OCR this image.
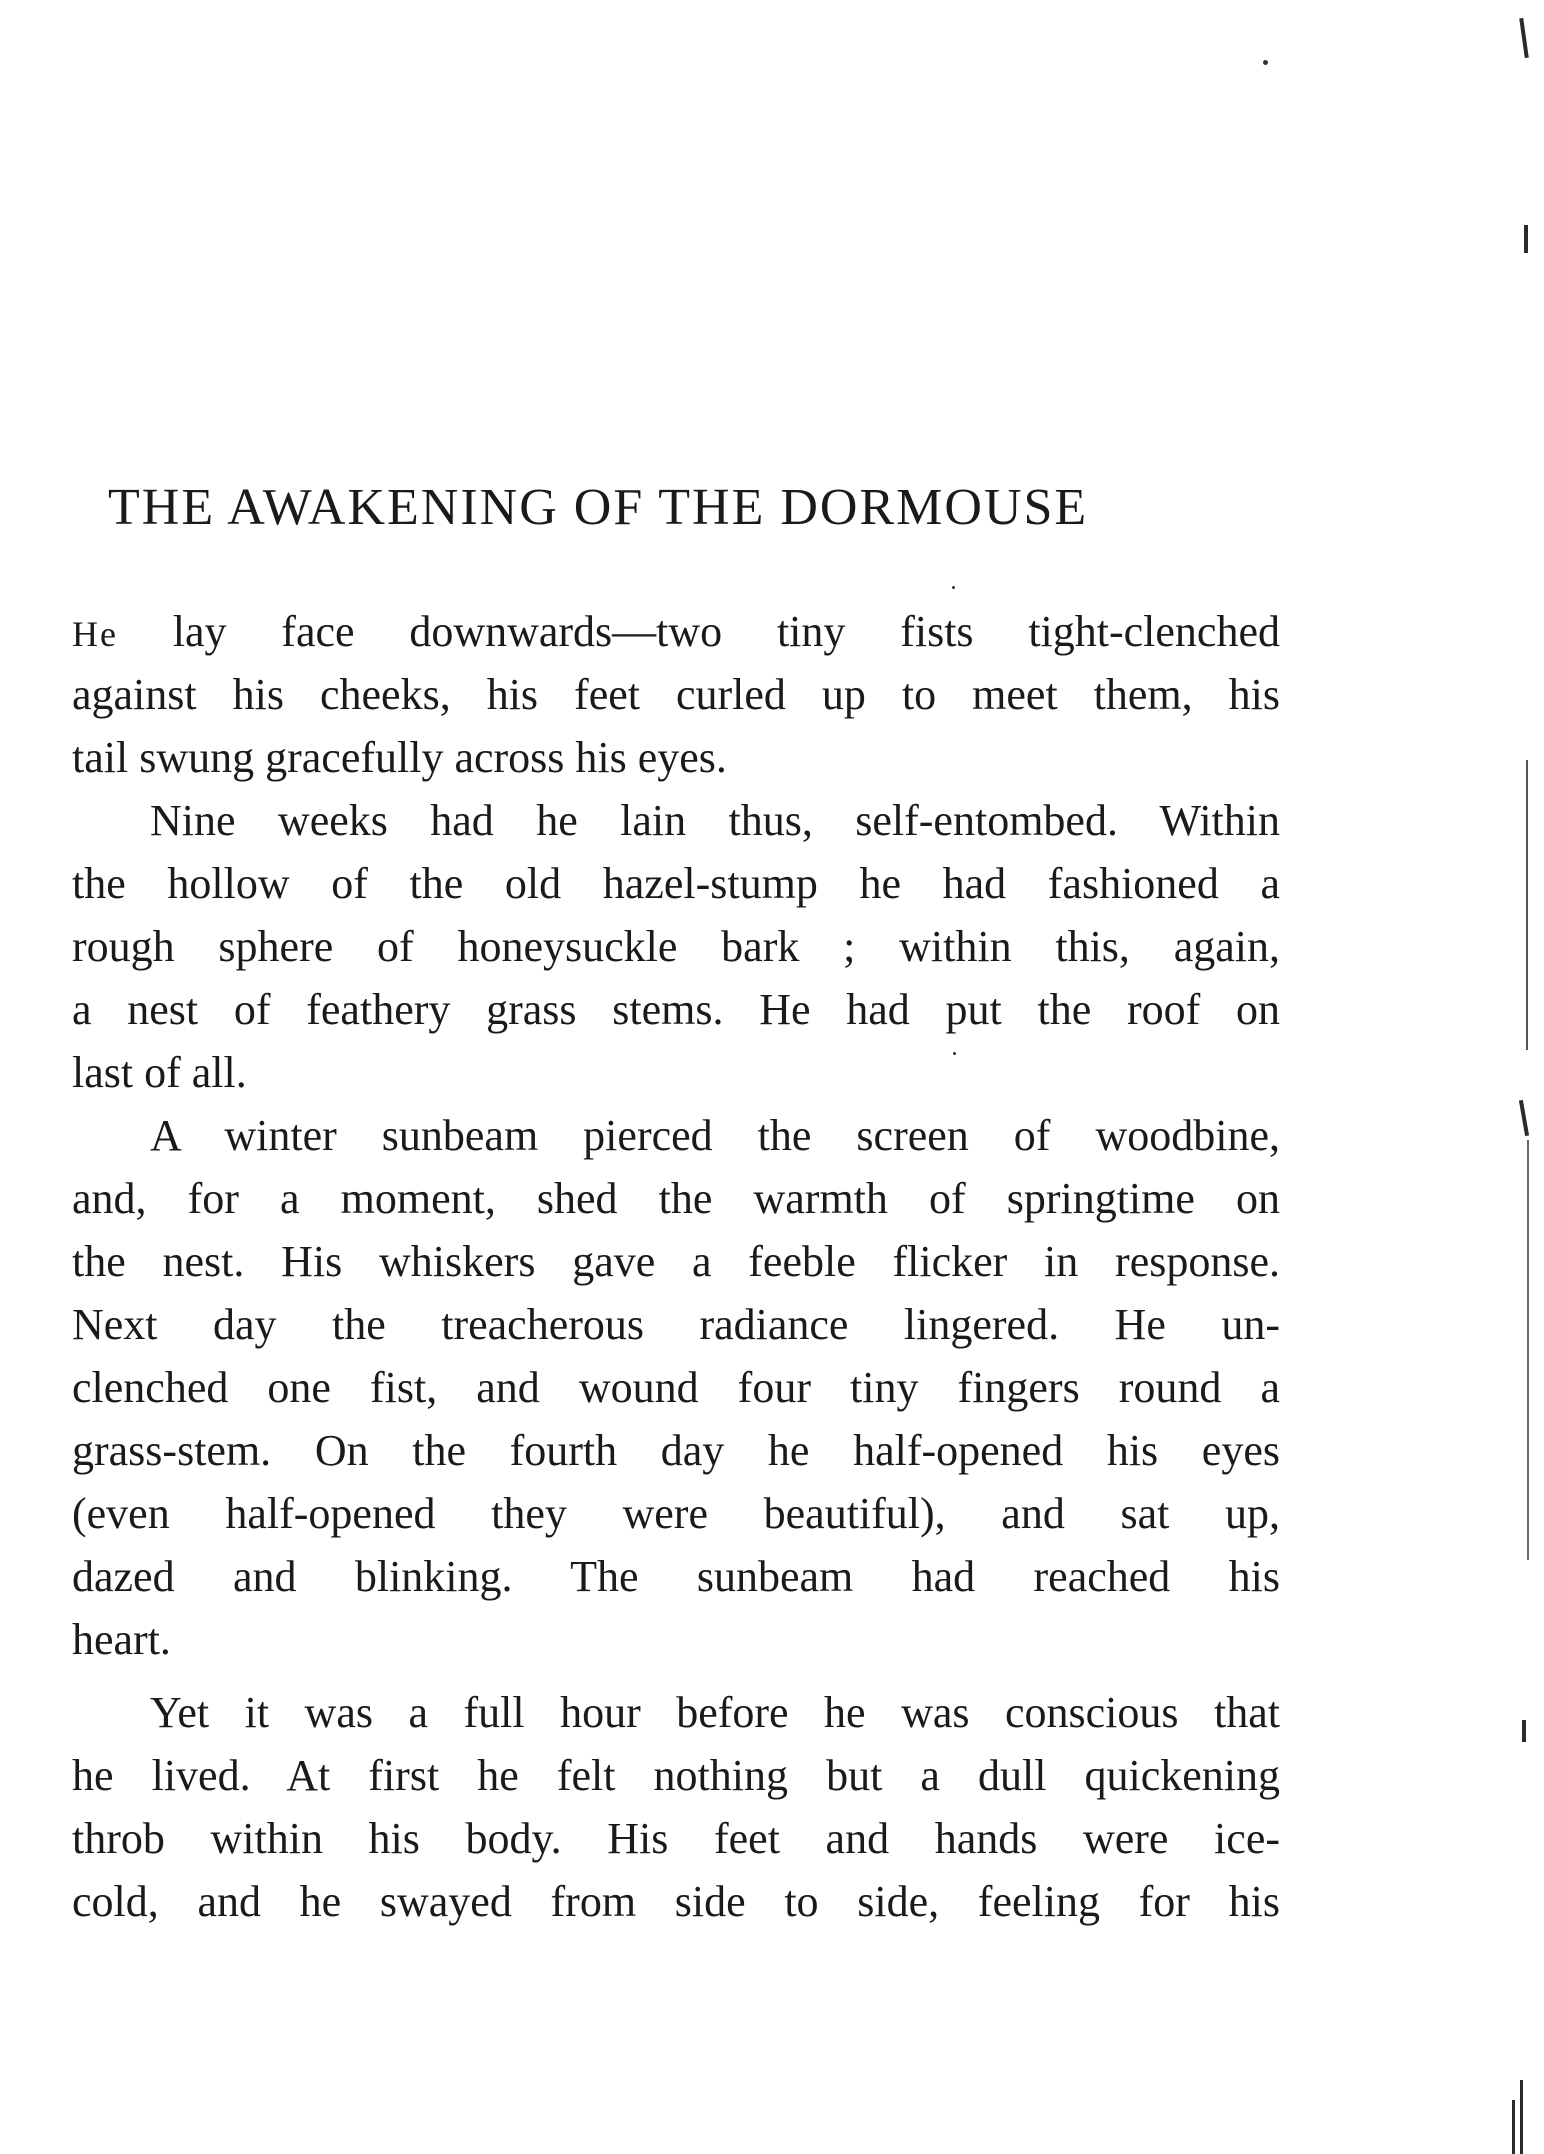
THE AWAKENING OF THE DORMOUSE
He lay face downwards—two tiny fists tight-clenched
against his cheeks, his feet curled up to meet them, his
tail swung gracefully across his eyes.
Nine weeks had he lain thus, self-entombed. Within
the hollow of the old hazel-stump he had fashioned a
rough sphere of honeysuckle bark ; within this, again,
a nest of feathery grass stems. He had put the roof on
last of all.
A winter sunbeam pierced the screen of woodbine,
and, for a moment, shed the warmth of springtime on
the nest. His whiskers gave a feeble flicker in response.
Next day the treacherous radiance lingered. He un-
clenched one fist, and wound four tiny fingers round a
grass-stem. On the fourth day he half-opened his eyes
(even half-opened they were beautiful), and sat up,
dazed and blinking. The sunbeam had reached his
heart.
Yet it was a full hour before he was conscious that
he lived. At first he felt nothing but a dull quickening
throb within his body. His feet and hands were ice-
cold, and he swayed from side to side, feeling for his
